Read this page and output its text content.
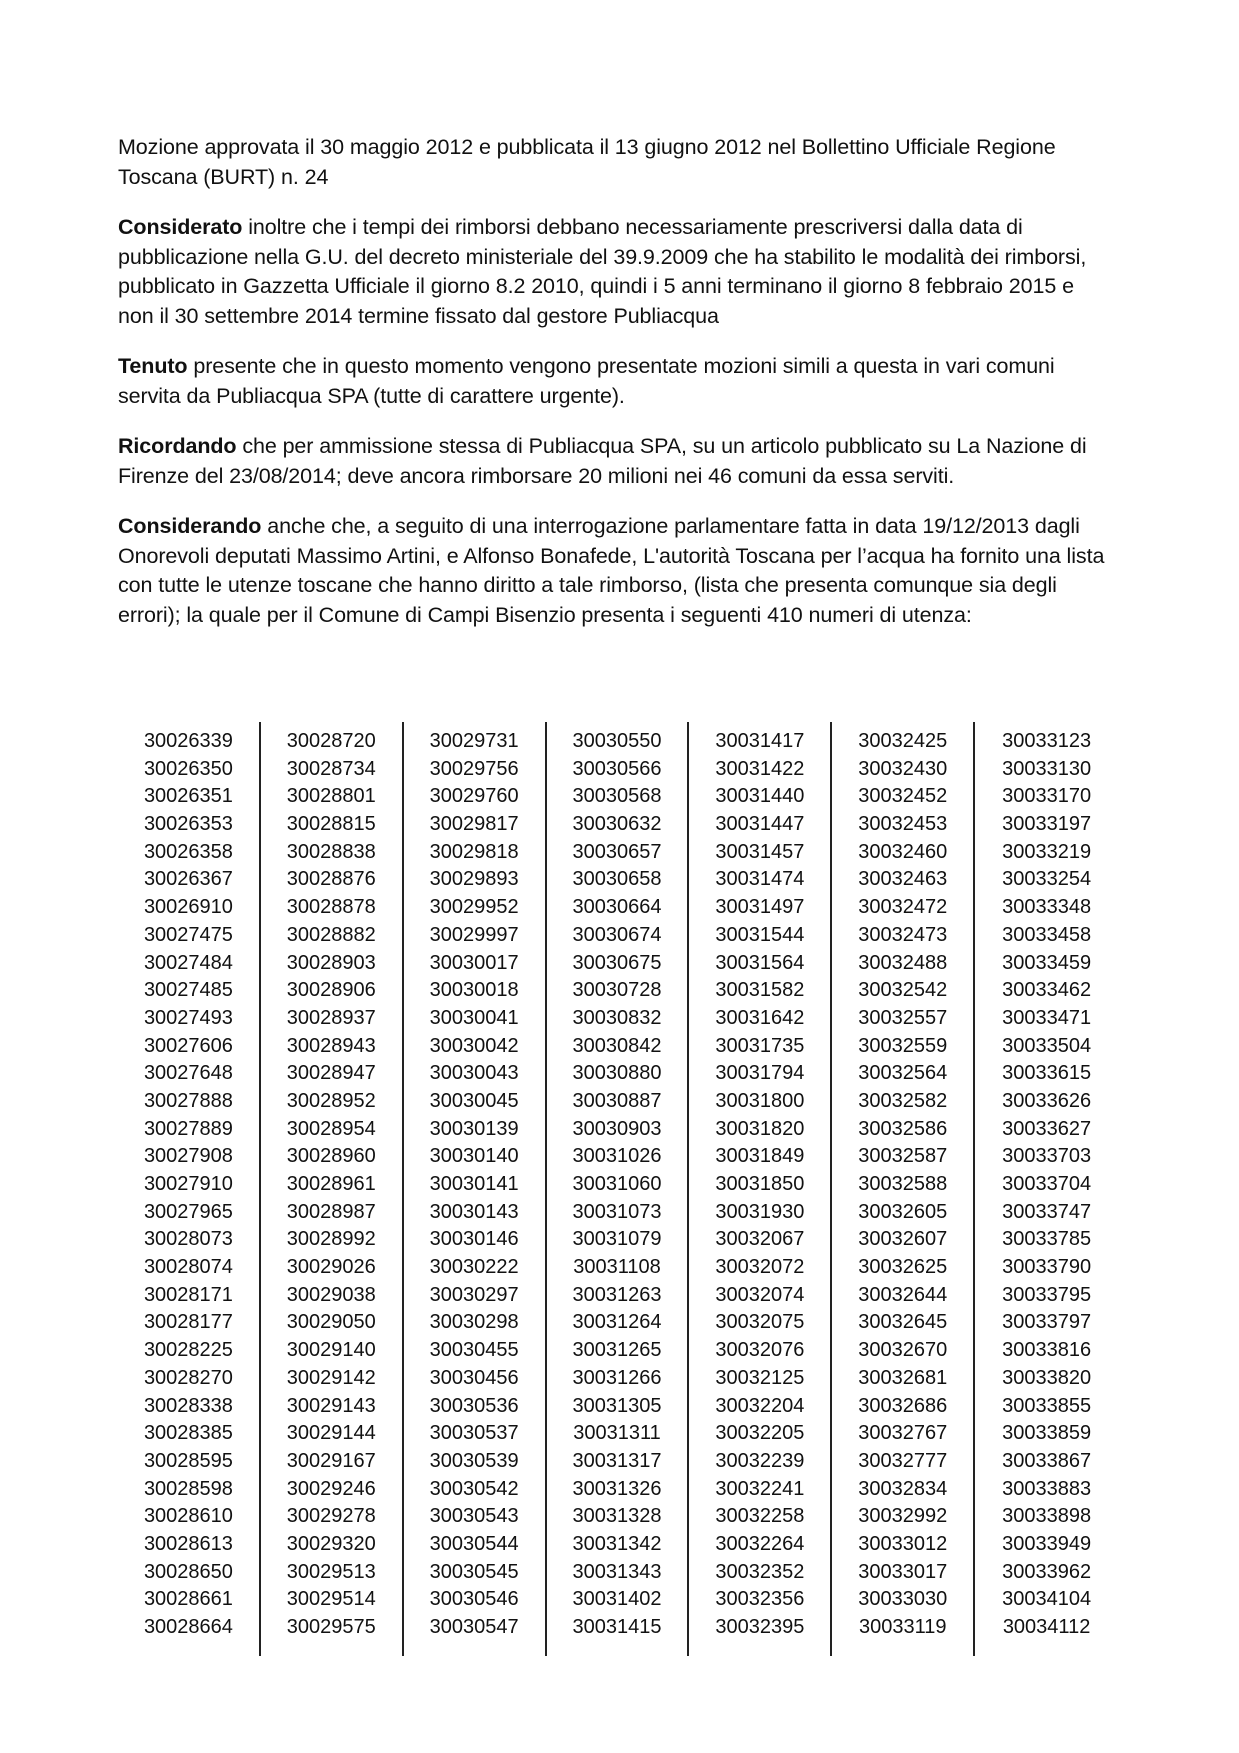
Mozione approvata il 30 maggio 2012 e pubblicata il 13 giugno 2012 nel Bollettino Ufficiale Regione Toscana (BURT) n. 24

Considerato inoltre che i tempi dei rimborsi debbano necessariamente prescriversi dalla data di pubblicazione nella G.U. del decreto ministeriale del 39.9.2009 che ha stabilito le modalità dei rimborsi, pubblicato in Gazzetta Ufficiale il giorno 8.2 2010, quindi i 5 anni terminano il giorno 8 febbraio 2015 e non il 30 settembre 2014 termine fissato dal gestore Publiacqua

Tenuto presente che in questo momento vengono presentate mozioni simili a questa in vari comuni servita da Publiacqua SPA (tutte di carattere urgente).

Ricordando che per ammissione stessa di Publiacqua SPA, su un articolo pubblicato su La Nazione di Firenze del 23/08/2014; deve ancora rimborsare 20 milioni nei 46 comuni da essa serviti.

Considerando anche che, a seguito di una interrogazione parlamentare fatta in data 19/12/2013 dagli Onorevoli deputati Massimo Artini, e Alfonso Bonafede, L'autorità Toscana per l’acqua ha fornito una lista con tutte le utenze toscane che hanno diritto a tale rimborso, (lista che presenta comunque sia degli errori); la quale per il Comune di Campi Bisenzio presenta i seguenti 410 numeri di utenza:

30026339
30026350
30026351
30026353
30026358
30026367
30026910
30027475
30027484
30027485
30027493
30027606
30027648
30027888
30027889
30027908
30027910
30027965
30028073
30028074
30028171
30028177
30028225
30028270
30028338
30028385
30028595
30028598
30028610
30028613
30028650
30028661
30028664
30028720
30028734
30028801
30028815
30028838
30028876
30028878
30028882
30028903
30028906
30028937
30028943
30028947
30028952
30028954
30028960
30028961
30028987
30028992
30029026
30029038
30029050
30029140
30029142
30029143
30029144
30029167
30029246
30029278
30029320
30029513
30029514
30029575
30029731
30029756
30029760
30029817
30029818
30029893
30029952
30029997
30030017
30030018
30030041
30030042
30030043
30030045
30030139
30030140
30030141
30030143
30030146
30030222
30030297
30030298
30030455
30030456
30030536
30030537
30030539
30030542
30030543
30030544
30030545
30030546
30030547
30030550
30030566
30030568
30030632
30030657
30030658
30030664
30030674
30030675
30030728
30030832
30030842
30030880
30030887
30030903
30031026
30031060
30031073
30031079
30031108
30031263
30031264
30031265
30031266
30031305
30031311
30031317
30031326
30031328
30031342
30031343
30031402
30031415
30031417
30031422
30031440
30031447
30031457
30031474
30031497
30031544
30031564
30031582
30031642
30031735
30031794
30031800
30031820
30031849
30031850
30031930
30032067
30032072
30032074
30032075
30032076
30032125
30032204
30032205
30032239
30032241
30032258
30032264
30032352
30032356
30032395
30032425
30032430
30032452
30032453
30032460
30032463
30032472
30032473
30032488
30032542
30032557
30032559
30032564
30032582
30032586
30032587
30032588
30032605
30032607
30032625
30032644
30032645
30032670
30032681
30032686
30032767
30032777
30032834
30032992
30033012
30033017
30033030
30033119
30033123
30033130
30033170
30033197
30033219
30033254
30033348
30033458
30033459
30033462
30033471
30033504
30033615
30033626
30033627
30033703
30033704
30033747
30033785
30033790
30033795
30033797
30033816
30033820
30033855
30033859
30033867
30033883
30033898
30033949
30033962
30034104
30034112
